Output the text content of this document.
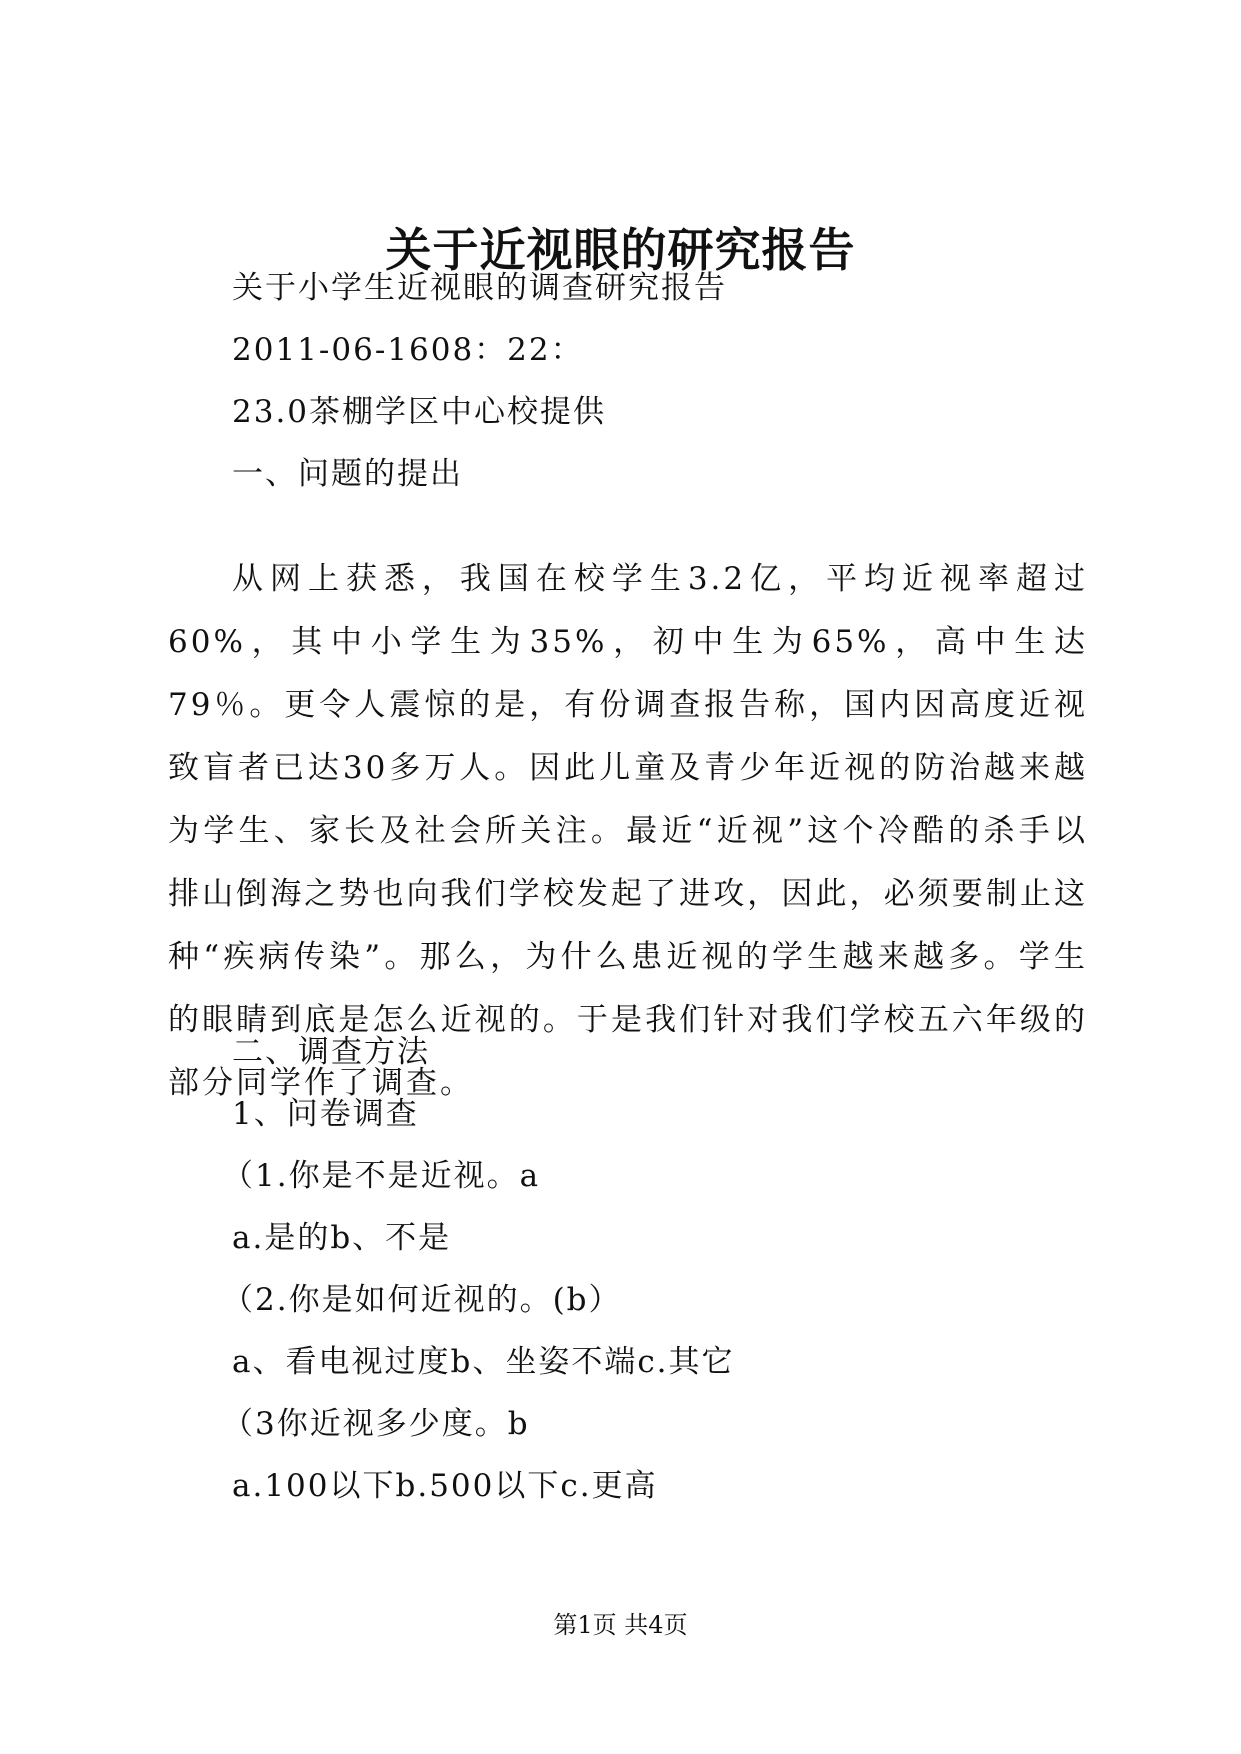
关于近视眼的研究报告
关于小学生近视眼的调查研究报告
2011-06-1608：22：
23.0茶棚学区中心校提供
一、问题的提出
从网上获悉，我国在校学生3.2亿，平均近视率超过60%，其中小学生为35%，初中生为65%，高中生达79％。更令人震惊的是，有份调查报告称，国内因高度近视致盲者已达30多万人。因此儿童及青少年近视的防治越来越为学生、家长及社会所关注。最近“近视”这个冷酷的杀手以排山倒海之势也向我们学校发起了进攻，因此，必须要制止这种“疾病传染”。那么，为什么患近视的学生越来越多。学生的眼睛到底是怎么近视的。于是我们针对我们学校五六年级的部分同学作了调查。
二、调查方法
1、问卷调查
（1.你是不是近视。a
a.是的b、不是
（2.你是如何近视的。(b）
a、看电视过度b、坐姿不端c.其它
（3你近视多少度。b
a.100以下b.500以下c.更高
第1页 共4页
